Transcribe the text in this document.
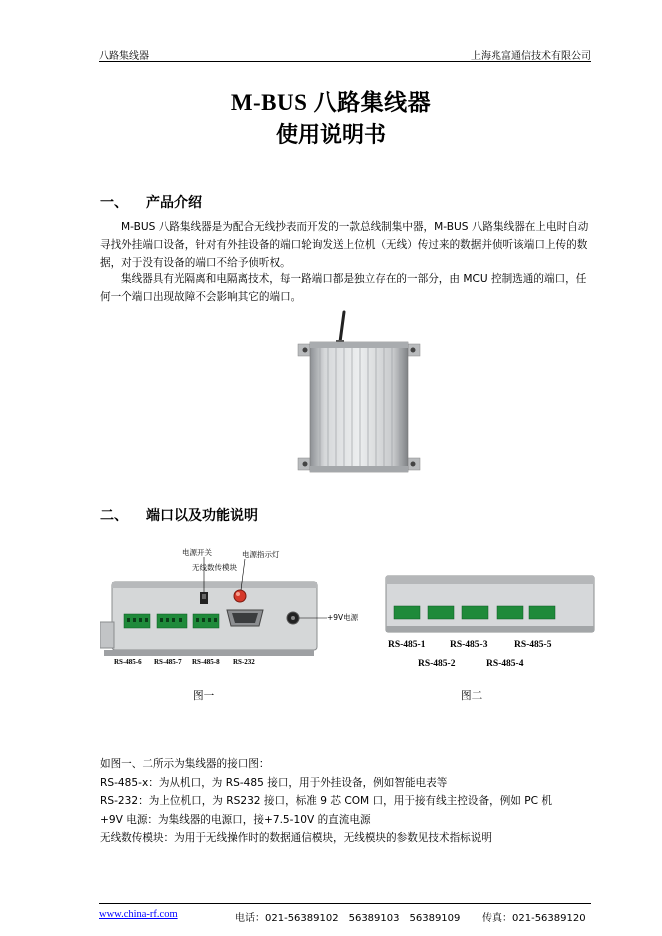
八路集线器	上海兆富通信技术有限公司
M-BUS 八路集线器
使用说明书
一、 产品介绍
M-BUS 八路集线器是为配合无线抄表而开发的一款总线制集中器，M-BUS 八路集线器在上电时自动寻找外挂端口设备，针对有外挂设备的端口轮询发送上位机（无线）传过来的数据并侦听该端口上传的数据，对于没有设备的端口不给予侦听权。
集线器具有光隔离和电隔离技术，每一路端口都是独立存在的一部分，由 MCU 控制选通的端口，任何一个端口出现故障不会影响其它的端口。
二、 端口以及功能说明
电源开关	电源指示灯
无线数传模块
+9V电源
RS-485-6 RS-485-7 RS-485-8 RS-232
图一
RS-485-1	RS-485-3	RS-485-5
RS-485-2	RS-485-4
图二
如图一、二所示为集线器的接口图：
RS-485-x：为从机口，为 RS-485 接口，用于外挂设备，例如智能电表等
RS-232：为上位机口，为 RS232 接口，标准 9 芯 COM 口，用于接有线主控设备，例如 PC 机
+9V 电源：为集线器的电源口，接+7.5-10V 的直流电源
无线数传模块：为用于无线操作时的数据通信模块，无线模块的参数见技术指标说明
www.china-rf.com	电话：021-56389102　56389103　56389109 传真：021-56389120
